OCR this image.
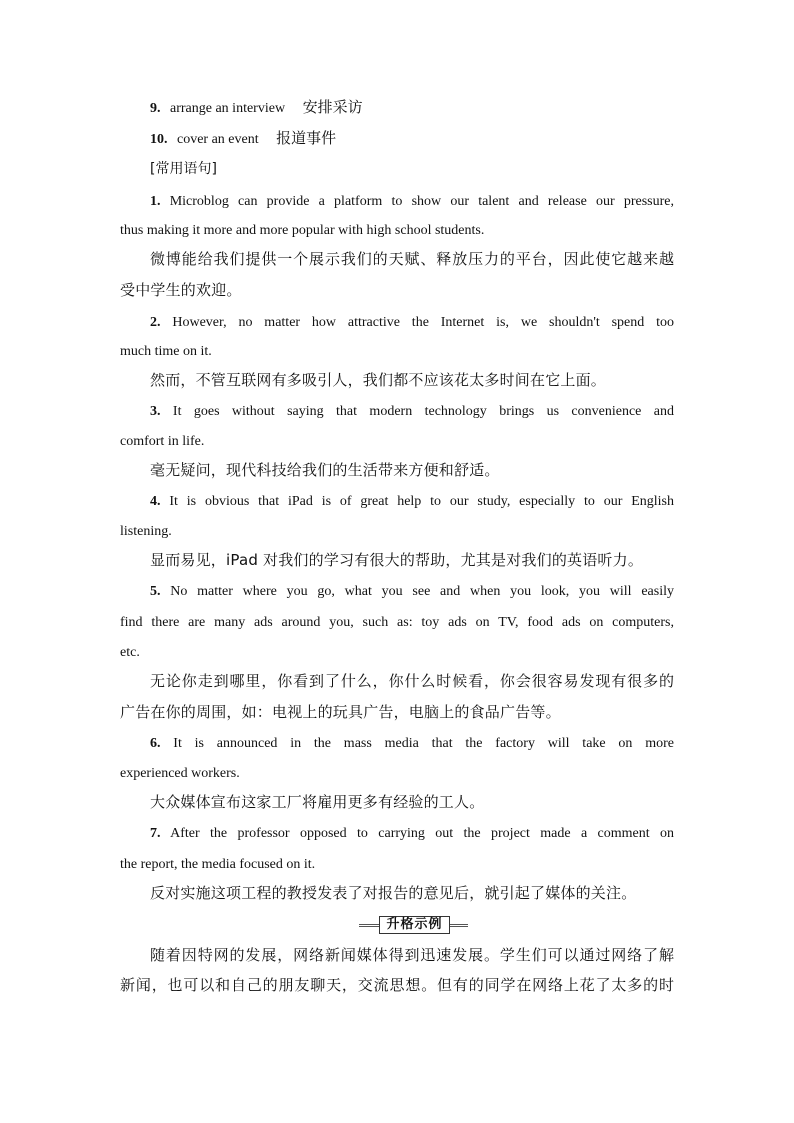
9. arrange an interview 安排采访
10. cover an event 报道事件
[常用语句]
1. Microblog can provide a platform to show our talent and release our pressure,
thus making it more and more popular with high school students.
微博能给我们提供一个展示我们的天赋、释放压力的平台，因此使它越来越
受中学生的欢迎。
2. However, no matter how attractive the Internet is, we shouldn't spend too
much time on it.
然而，不管互联网有多吸引人，我们都不应该花太多时间在它上面。
3. It goes without saying that modern technology brings us convenience and
comfort in life.
毫无疑问，现代科技给我们的生活带来方便和舒适。
4. It is obvious that iPad is of great help to our study, especially to our English
listening.
显而易见，iPad 对我们的学习有很大的帮助，尤其是对我们的英语听力。
5. No matter where you go, what you see and when you look, you will easily
find there are many ads around you, such as: toy ads on TV, food ads on computers,
etc.
无论你走到哪里，你看到了什么，你什么时候看，你会很容易发现有很多的
广告在你的周围，如：电视上的玩具广告，电脑上的食品广告等。
6. It is announced in the mass media that the factory will take on more
experienced workers.
大众媒体宣布这家工厂将雇用更多有经验的工人。
7. After the professor opposed to carrying out the project made a comment on
the report, the media focused on it.
反对实施这项工程的教授发表了对报告的意见后，就引起了媒体的关注。
升格示例
随着因特网的发展，网络新闻媒体得到迅速发展。学生们可以通过网络了解
新闻，也可以和自己的朋友聊天，交流思想。但有的同学在网络上花了太多的时
